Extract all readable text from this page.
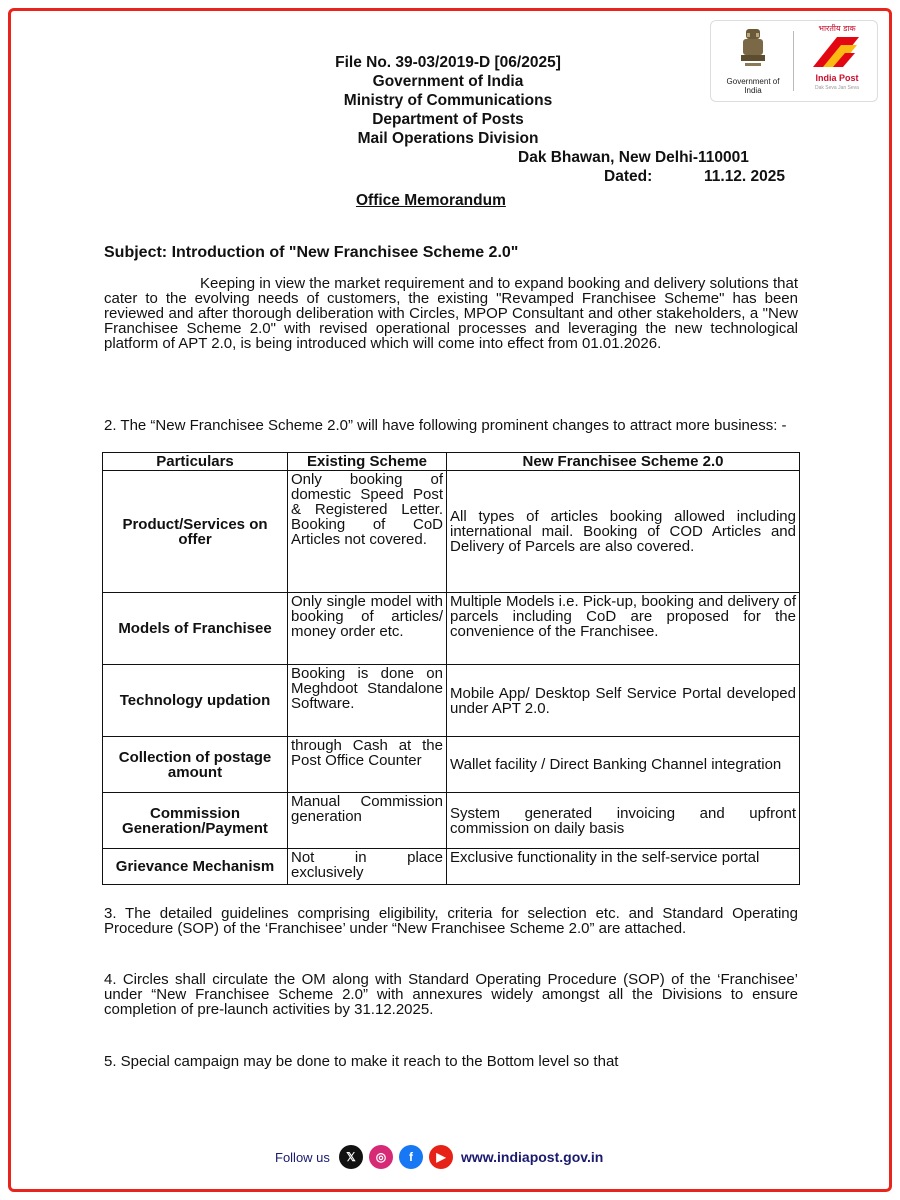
Government of India
भारतीय डाक
India Post
Dak Seva Jan Seva
File No. 39-03/2019-D [06/2025]
Government of India
Ministry of Communications
Department of Posts
Mail Operations Division
Dak Bhawan, New Delhi-110001
Dated:	11.12. 2025
Office Memorandum
Subject: Introduction of "New Franchisee Scheme 2.0"
Keeping in view the market requirement and to expand booking and delivery solutions that cater to the evolving needs of customers, the existing "Revamped Franchisee Scheme" has been reviewed and after thorough deliberation with Circles, MPOP Consultant and other stakeholders, a "New Franchisee Scheme 2.0" with revised operational processes and leveraging the new technological platform of APT 2.0, is being introduced which will come into effect from 01.01.2026.
2. The “New Franchisee Scheme 2.0” will have following prominent changes to attract more business: -
Particulars	Existing Scheme	New Franchisee Scheme 2.0
Product/Services on offer	Only booking of domestic Speed Post & Registered Letter. Booking of CoD Articles not covered.	All types of articles booking allowed including international mail. Booking of COD Articles and Delivery of Parcels are also covered.
Models of Franchisee	Only single model with booking of articles/ money order etc.	Multiple Models i.e. Pick-up, booking and delivery of parcels including CoD are proposed for the convenience of the Franchisee.
Technology updation	Booking is done on Meghdoot Standalone Software.	Mobile App/ Desktop Self Service Portal developed under APT 2.0.
Collection of postage amount	through Cash at the Post Office Counter	Wallet facility / Direct Banking Channel integration
Commission Generation/Payment	Manual Commission generation	System generated invoicing and upfront commission on daily basis
Grievance Mechanism	Not in place exclusively	Exclusive functionality in the self-service portal
3. The detailed guidelines comprising eligibility, criteria for selection etc. and Standard Operating Procedure (SOP) of the ‘Franchisee’ under “New Franchisee Scheme 2.0” are attached.
4. Circles shall circulate the OM along with Standard Operating Procedure (SOP) of the ‘Franchisee’ under “New Franchisee Scheme 2.0” with annexures widely amongst all the Divisions to ensure completion of pre-launch activities by 31.12.2025.
5. Special campaign may be done to make it reach to the Bottom level so that
Follow us	𝕏	◎	f	▶	www.indiapost.gov.in
